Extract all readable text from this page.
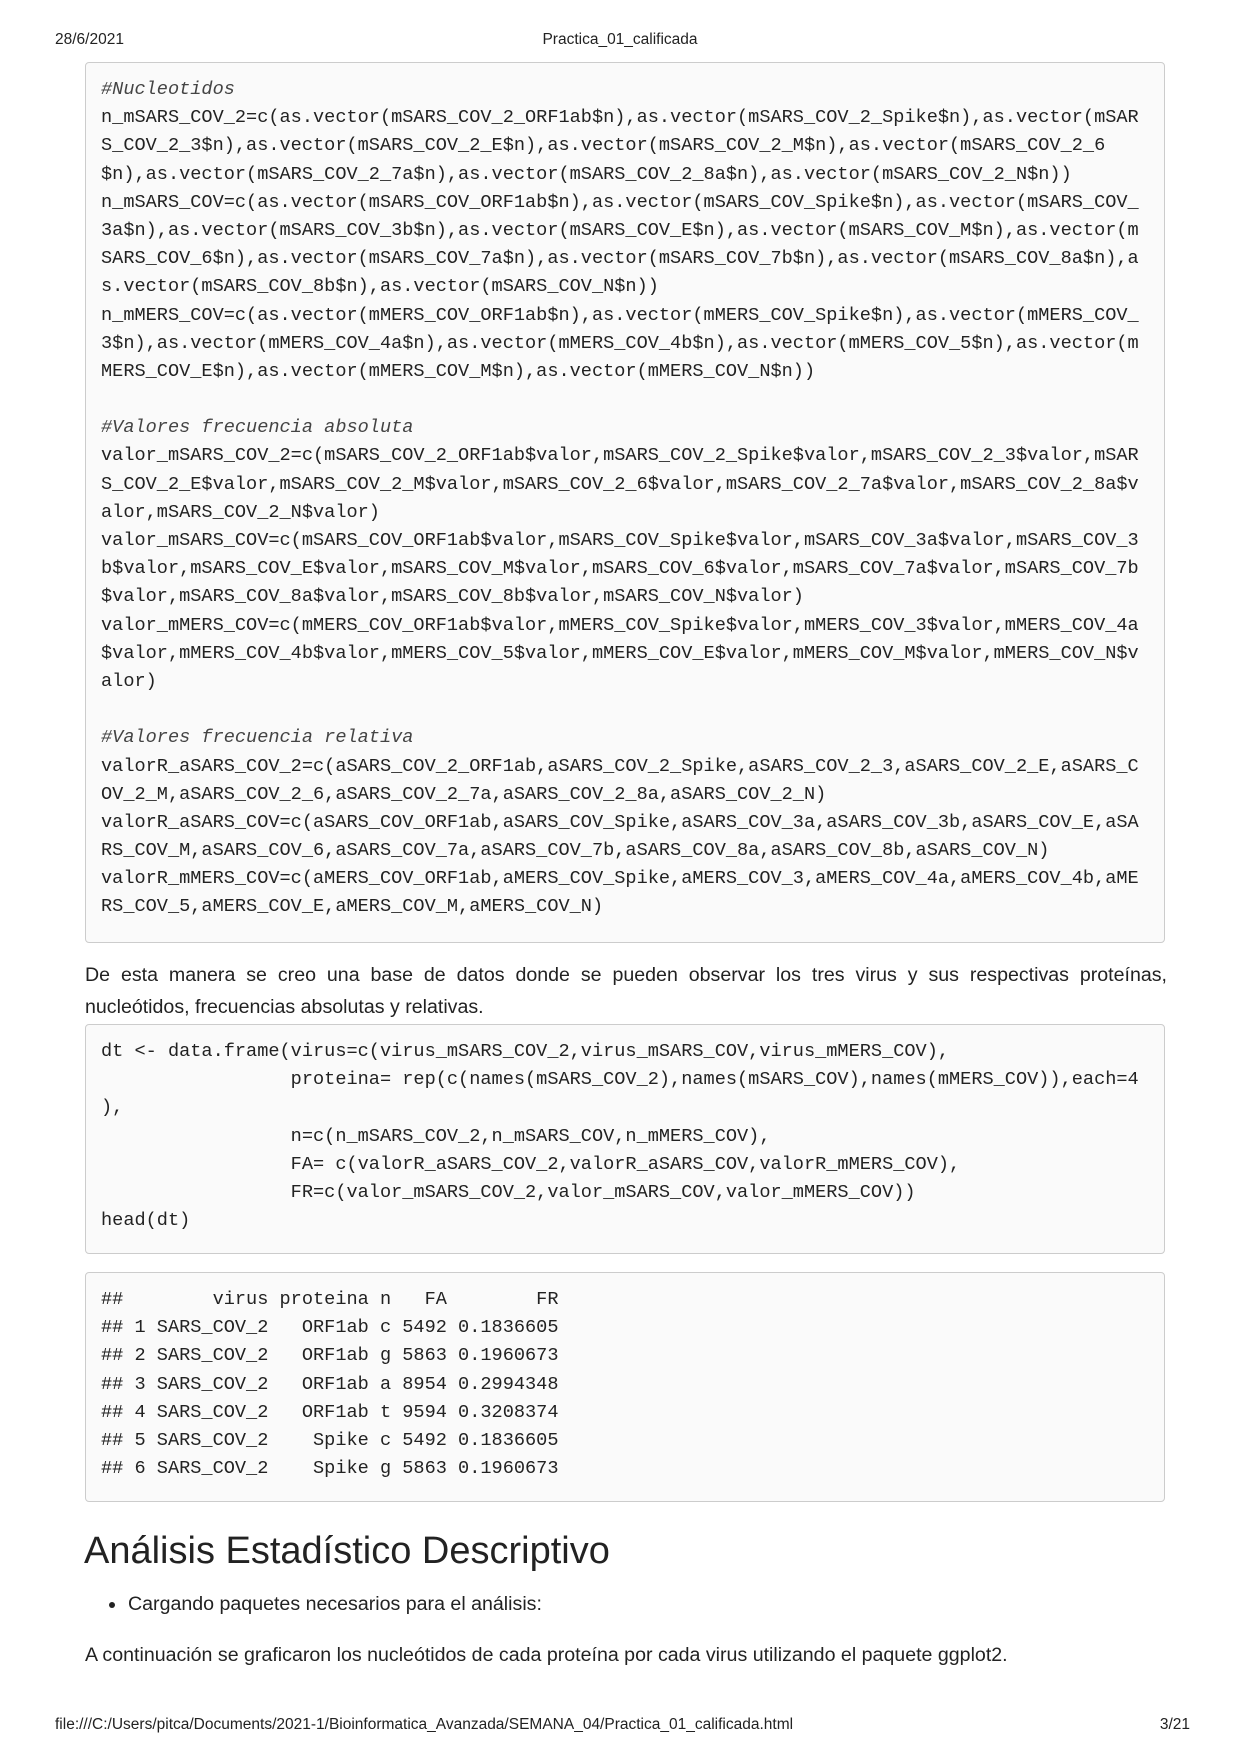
28/6/2021	Practica_01_calificada
#Nucleotidos
n_mSARS_COV_2=c(as.vector(mSARS_COV_2_ORF1ab$n),as.vector(mSARS_COV_2_Spike$n),as.vector(mSAR
S_COV_2_3$n),as.vector(mSARS_COV_2_E$n),as.vector(mSARS_COV_2_M$n),as.vector(mSARS_COV_2_6
$n),as.vector(mSARS_COV_2_7a$n),as.vector(mSARS_COV_2_8a$n),as.vector(mSARS_COV_2_N$n))
n_mSARS_COV=c(as.vector(mSARS_COV_ORF1ab$n),as.vector(mSARS_COV_Spike$n),as.vector(mSARS_COV_
3a$n),as.vector(mSARS_COV_3b$n),as.vector(mSARS_COV_E$n),as.vector(mSARS_COV_M$n),as.vector(m
SARS_COV_6$n),as.vector(mSARS_COV_7a$n),as.vector(mSARS_COV_7b$n),as.vector(mSARS_COV_8a$n),a
s.vector(mSARS_COV_8b$n),as.vector(mSARS_COV_N$n))
n_mMERS_COV=c(as.vector(mMERS_COV_ORF1ab$n),as.vector(mMERS_COV_Spike$n),as.vector(mMERS_COV_
3$n),as.vector(mMERS_COV_4a$n),as.vector(mMERS_COV_4b$n),as.vector(mMERS_COV_5$n),as.vector(m
MERS_COV_E$n),as.vector(mMERS_COV_M$n),as.vector(mMERS_COV_N$n))
#Valores frecuencia absoluta
valor_mSARS_COV_2=c(mSARS_COV_2_ORF1ab$valor,mSARS_COV_2_Spike$valor,mSARS_COV_2_3$valor,mSAR
S_COV_2_E$valor,mSARS_COV_2_M$valor,mSARS_COV_2_6$valor,mSARS_COV_2_7a$valor,mSARS_COV_2_8a$v
alor,mSARS_COV_2_N$valor)
valor_mSARS_COV=c(mSARS_COV_ORF1ab$valor,mSARS_COV_Spike$valor,mSARS_COV_3a$valor,mSARS_COV_3
b$valor,mSARS_COV_E$valor,mSARS_COV_M$valor,mSARS_COV_6$valor,mSARS_COV_7a$valor,mSARS_COV_7b
$valor,mSARS_COV_8a$valor,mSARS_COV_8b$valor,mSARS_COV_N$valor)
valor_mMERS_COV=c(mMERS_COV_ORF1ab$valor,mMERS_COV_Spike$valor,mMERS_COV_3$valor,mMERS_COV_4a
$valor,mMERS_COV_4b$valor,mMERS_COV_5$valor,mMERS_COV_E$valor,mMERS_COV_M$valor,mMERS_COV_N$v
alor)
#Valores frecuencia relativa
valorR_aSARS_COV_2=c(aSARS_COV_2_ORF1ab,aSARS_COV_2_Spike,aSARS_COV_2_3,aSARS_COV_2_E,aSARS_C
OV_2_M,aSARS_COV_2_6,aSARS_COV_2_7a,aSARS_COV_2_8a,aSARS_COV_2_N)
valorR_aSARS_COV=c(aSARS_COV_ORF1ab,aSARS_COV_Spike,aSARS_COV_3a,aSARS_COV_3b,aSARS_COV_E,aSA
RS_COV_M,aSARS_COV_6,aSARS_COV_7a,aSARS_COV_7b,aSARS_COV_8a,aSARS_COV_8b,aSARS_COV_N)
valorR_mMERS_COV=c(aMERS_COV_ORF1ab,aMERS_COV_Spike,aMERS_COV_3,aMERS_COV_4a,aMERS_COV_4b,aME
RS_COV_5,aMERS_COV_E,aMERS_COV_M,aMERS_COV_N)
De esta manera se creo una base de datos donde se pueden observar los tres virus y sus respectivas proteínas, nucleótidos, frecuencias absolutas y relativas.
dt <- data.frame(virus=c(virus_mSARS_COV_2,virus_mSARS_COV,virus_mMERS_COV),
proteina= rep(c(names(mSARS_COV_2),names(mSARS_COV),names(mMERS_COV)),each=4
),
n=c(n_mSARS_COV_2,n_mSARS_COV,n_mMERS_COV),
FA= c(valorR_aSARS_COV_2,valorR_aSARS_COV,valorR_mMERS_COV),
FR=c(valor_mSARS_COV_2,valor_mSARS_COV,valor_mMERS_COV))
head(dt)
##        virus proteina n   FA        FR
## 1 SARS_COV_2   ORF1ab c 5492 0.1836605
## 2 SARS_COV_2   ORF1ab g 5863 0.1960673
## 3 SARS_COV_2   ORF1ab a 8954 0.2994348
## 4 SARS_COV_2   ORF1ab t 9594 0.3208374
## 5 SARS_COV_2    Spike c 5492 0.1836605
## 6 SARS_COV_2    Spike g 5863 0.1960673
Análisis Estadístico Descriptivo
Cargando paquetes necesarios para el análisis:
A continuación se graficaron los nucleótidos de cada proteína por cada virus utilizando el paquete ggplot2.
file:///C:/Users/pitca/Documents/2021-1/Bioinformatica_Avanzada/SEMANA_04/Practica_01_calificada.html	3/21
